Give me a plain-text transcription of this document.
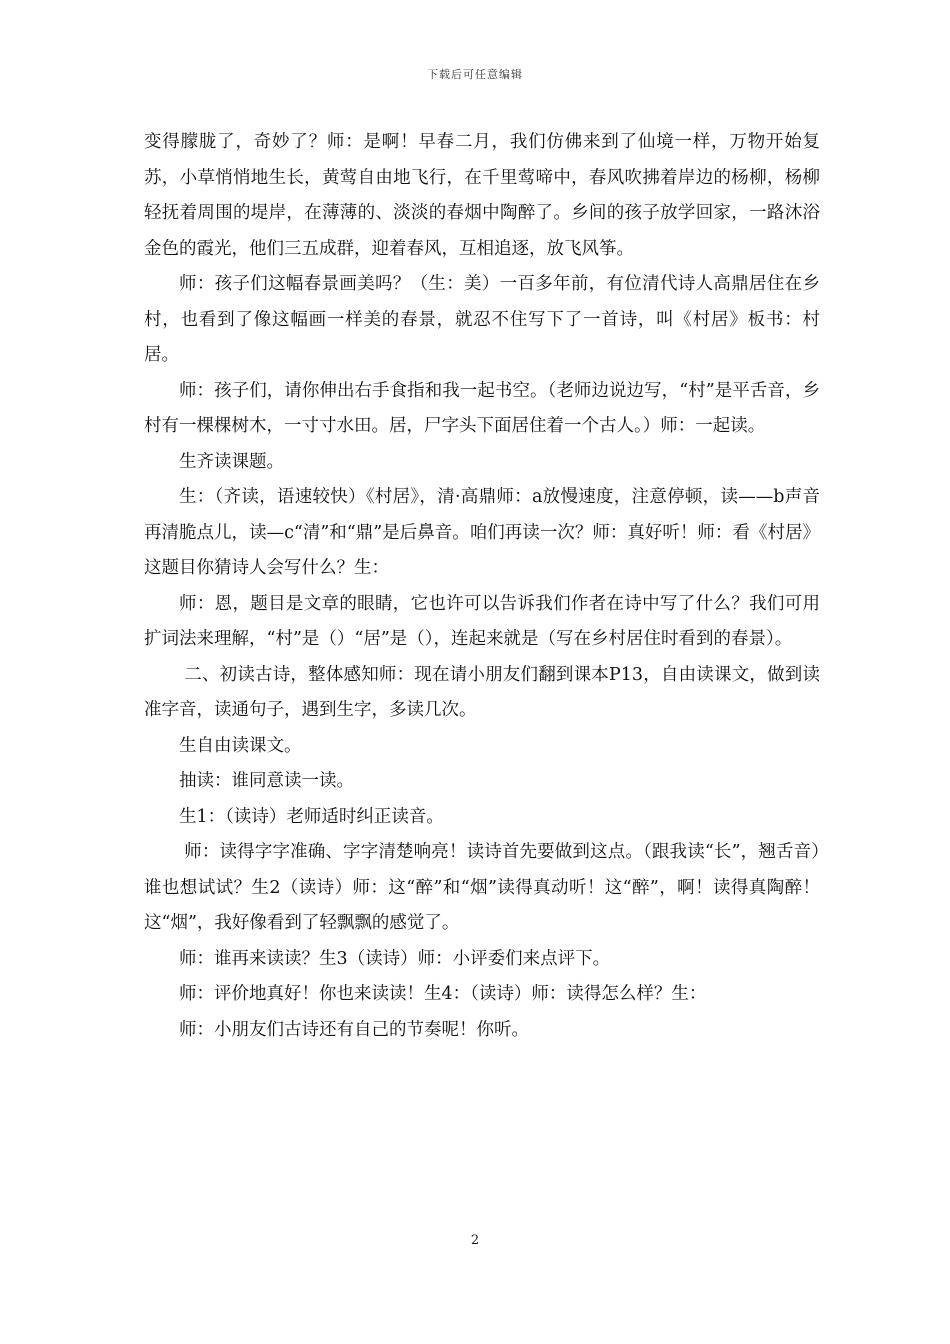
下载后可任意编辑

变得朦胧了，奇妙了？师：是啊！早春二月，我们仿佛来到了仙境一样，万物开始复苏，小草悄悄地生长，黄莺自由地飞行，在千里莺啼中，春风吹拂着岸边的杨柳，杨柳轻抚着周围的堤岸，在薄薄的、淡淡的春烟中陶醉了。乡间的孩子放学回家，一路沐浴金色的霞光，他们三五成群，迎着春风，互相追逐，放飞风筝。

师：孩子们这幅春景画美吗？（生：美）一百多年前，有位清代诗人高鼎居住在乡村，也看到了像这幅画一样美的春景，就忍不住写下了一首诗，叫《村居》板书：村居。

师：孩子们，请你伸出右手食指和我一起书空。（老师边说边写，“村”是平舌音，乡村有一棵棵树木，一寸寸水田。居，尸字头下面居住着一个古人。）师：一起读。

生齐读课题。

生：（齐读，语速较快）《村居》，清·高鼎师：a放慢速度，注意停顿，读——b声音再清脆点儿，读—c“清”和“鼎”是后鼻音。咱们再读一次？师：真好听！师：看《村居》这题目你猜诗人会写什么？生：

师：恩，题目是文章的眼睛，它也许可以告诉我们作者在诗中写了什么？我们可用扩词法来理解，“村”是（）“居”是（），连起来就是（写在乡村居住时看到的春景）。

二、初读古诗，整体感知师：现在请小朋友们翻到课本P13，自由读课文，做到读准字音，读通句子，遇到生字，多读几次。

生自由读课文。

抽读：谁同意读一读。

生1：（读诗）老师适时纠正读音。

师：读得字字准确、字字清楚响亮！读诗首先要做到这点。（跟我读“长”，翘舌音）谁也想试试？生2（读诗）师：这“醉”和“烟”读得真动听！这“醉”，啊！读得真陶醉！这“烟”，我好像看到了轻飘飘的感觉了。

师：谁再来读读？生3（读诗）师：小评委们来点评下。

师：评价地真好！你也来读读！生4：（读诗）师：读得怎么样？生：

师：小朋友们古诗还有自己的节奏呢！你听。

2
